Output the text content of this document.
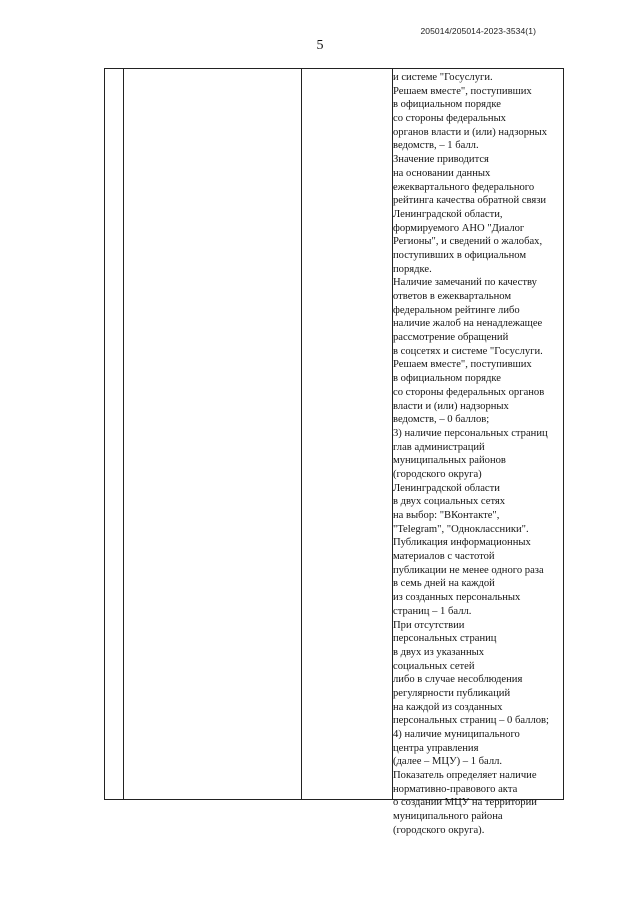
205014/205014-2023-3534(1)
5
и системе "Госуслуги.
Решаем вместе", поступивших
в официальном порядке
со стороны федеральных
органов власти и (или) надзорных
ведомств, – 1 балл.
Значение приводится
на основании данных
ежеквартального федерального
рейтинга качества обратной связи
Ленинградской области,
формируемого АНО "Диалог
Регионы", и сведений о жалобах,
поступивших в официальном
порядке.
Наличие замечаний по качеству
ответов в ежеквартальном
федеральном рейтинге либо
наличие жалоб на ненадлежащее
рассмотрение обращений
в соцсетях и системе "Госуслуги.
Решаем вместе", поступивших
в официальном порядке
со стороны федеральных органов
власти и (или) надзорных
ведомств, – 0 баллов;
3) наличие персональных страниц
глав администраций
муниципальных районов
(городского округа)
Ленинградской области
в двух социальных сетях
на выбор: "ВКонтакте",
"Telegram", "Одноклассники".
Публикация информационных
материалов с частотой
публикации не менее одного раза
в семь дней на каждой
из созданных персональных
страниц – 1 балл.
При отсутствии
персональных страниц
в двух из указанных
социальных сетей
либо в случае несоблюдения
регулярности публикаций
на каждой из созданных
персональных страниц – 0 баллов;
4) наличие муниципального
центра управления
(далее – МЦУ) – 1 балл.
Показатель определяет наличие
нормативно-правового акта
о создании МЦУ на территории
муниципального района
(городского округа).
